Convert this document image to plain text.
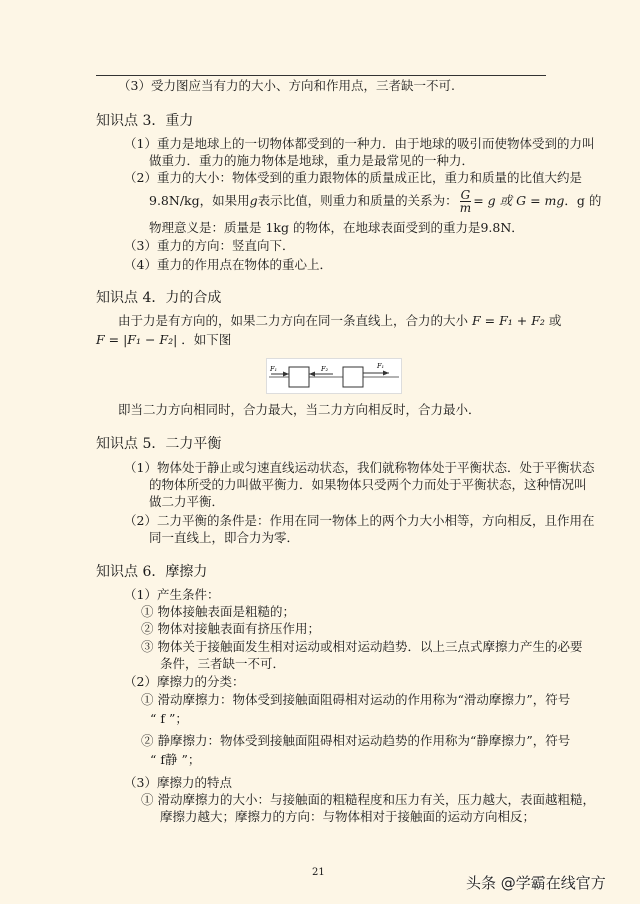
（3）受力图应当有力的大小、方向和作用点，三者缺一不可.
知识点 3．重力
（1）重力是地球上的一切物体都受到的一种力．由于地球的吸引而使物体受到的力叫
做重力．重力的施力物体是地球，重力是最常见的一种力．
（2）重力的大小：物体受到的重力跟物体的质量成正比，重力和质量的比值大约是
9.8N/kg，如果用g表示比值，则重力和质量的关系为： $\frac{G}{m} = g$ 或 G = mg．g 的
物理意义是：质量是 1kg 的物体，在地球表面受到的重力是9.8N．
（3）重力的方向：竖直向下．
（4）重力的作用点在物体的重心上．
知识点 4．力的合成
由于力是有方向的，如果二力方向在同一条直线上，合力的大小 F = F₁ + F₂ 或
F = |F₁ − F₂| ．如下图
F₁	F₂	F₁
即当二力方向相同时，合力最大，当二力方向相反时，合力最小．
知识点 5．二力平衡
（1）物体处于静止或匀速直线运动状态，我们就称物体处于平衡状态．处于平衡状态
的物体所受的力叫做平衡力．如果物体只受两个力而处于平衡状态，这种情况叫
做二力平衡．
（2）二力平衡的条件是：作用在同一物体上的两个力大小相等，方向相反，且作用在
同一直线上，即合力为零．
知识点 6．摩擦力
（1）产生条件：
① 物体接触表面是粗糙的；
② 物体对接触表面有挤压作用；
③ 物体关于接触面发生相对运动或相对运动趋势．以上三点式摩擦力产生的必要
条件，三者缺一不可．
（2）摩擦力的分类：
① 滑动摩擦力：物体受到接触面阻碍相对运动的作用称为“滑动摩擦力”，符号
“ f ”；
② 静摩擦力：物体受到接触面阻碍相对运动趋势的作用称为“静摩擦力”，符号
“ f静 ”；
（3）摩擦力的特点
① 滑动摩擦力的大小：与接触面的粗糙程度和压力有关，压力越大，表面越粗糙，
摩擦力越大；摩擦力的方向：与物体相对于接触面的运动方向相反；
21
头条 @学霸在线官方
